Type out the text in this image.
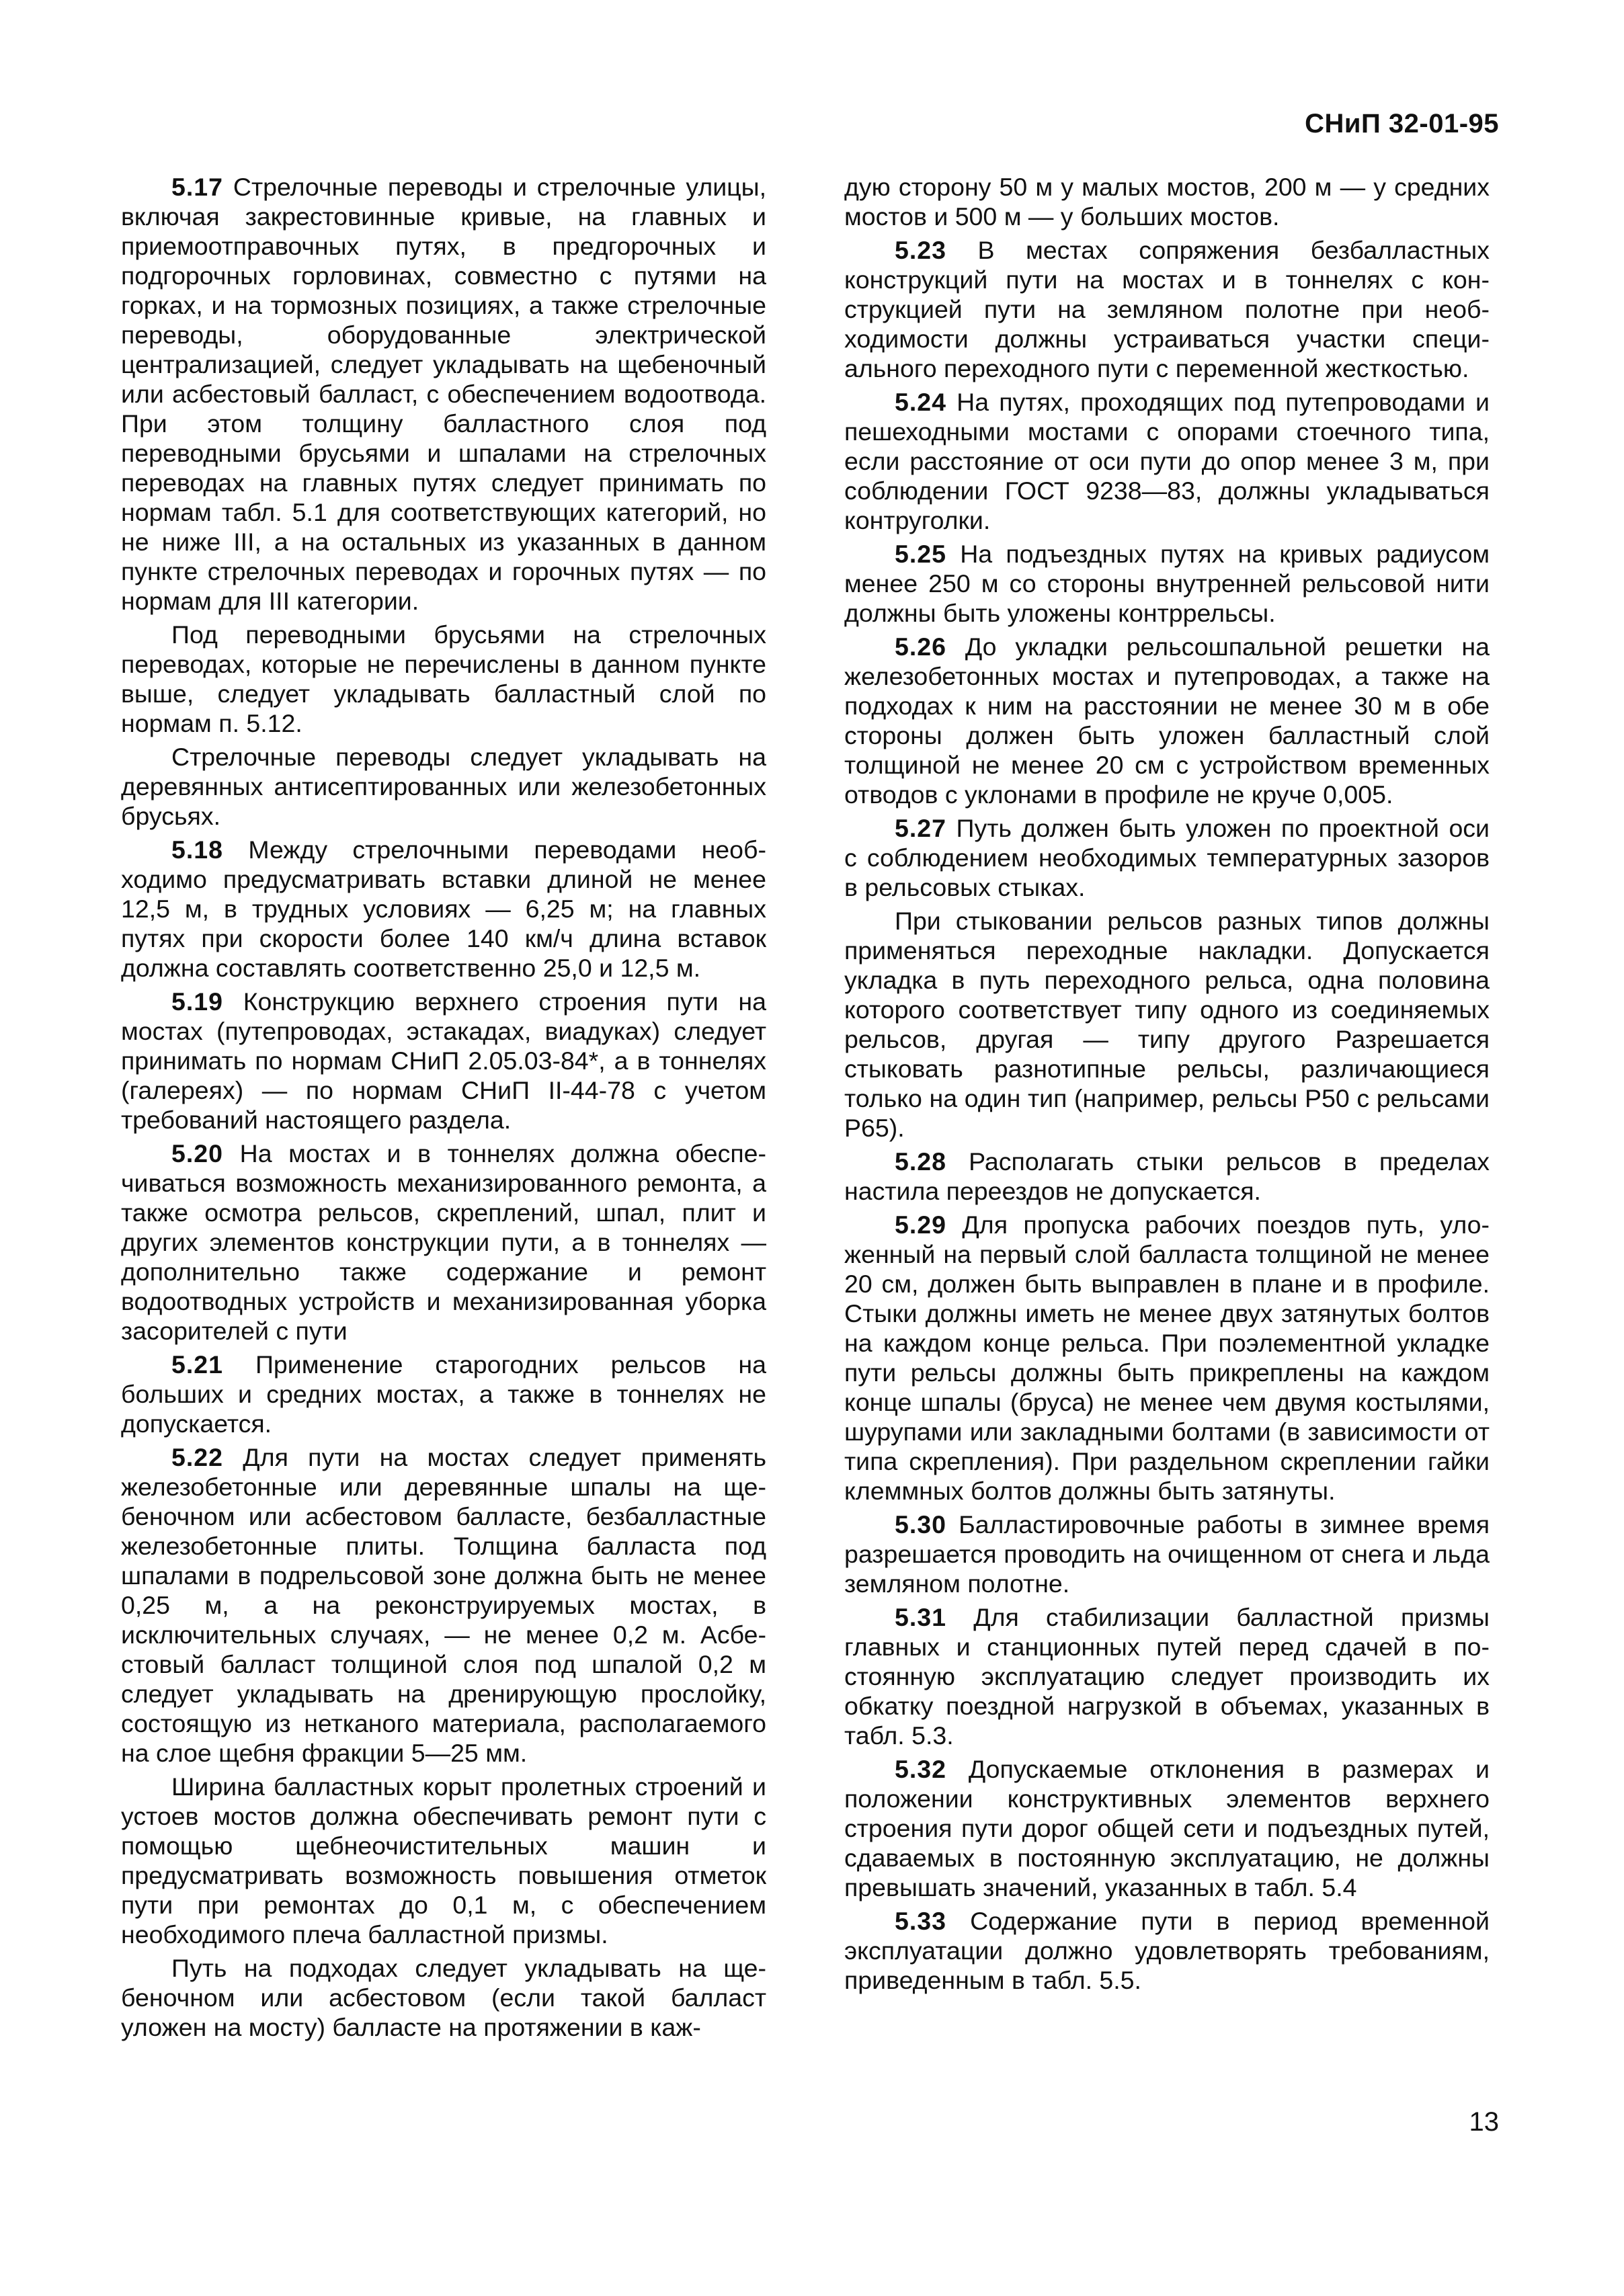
СНиП 32-01-95

5.17 Стрелочные переводы и стрелочные улицы, включая закрестовинные кривые, на главных и приемоотправочных путях, в предгорочных и подгорочных горловинах, совместно с путями на горках, и на тормозных позициях, а также стрелочные переводы, оборудованные электрической централизацией, следует укладывать на щебеночный или асбестовый балласт, с обеспечением водоотвода. При этом толщину балластного слоя под переводными брусьями и шпалами на стрелочных переводах на главных путях следует принимать по нормам табл. 5.1 для соответствующих категорий, но не ниже III, а на остальных из указанных в данном пункте стрелочных переводах и горочных путях — по нормам для III категории.

Под переводными брусьями на стрелочных переводах, которые не перечислены в данном пункте выше, следует укладывать балластный слой по нормам п. 5.12.

Стрелочные переводы следует укладывать на деревянных антисептированных или железобетонных брусьях.

5.18 Между стрелочными переводами необходимо предусматривать вставки длиной не менее 12,5 м, в трудных условиях — 6,25 м; на главных путях при скорости более 140 км/ч длина вставок должна составлять соответственно 25,0 и 12,5 м.

5.19 Конструкцию верхнего строения пути на мостах (путепроводах, эстакадах, виадуках) следует принимать по нормам СНиП 2.05.03-84*, а в тоннелях (галереях) — по нормам СНиП II-44-78 с учетом требований настоящего раздела.

5.20 На мостах и в тоннелях должна обеспечиваться возможность механизированного ремонта, а также осмотра рельсов, скреплений, шпал, плит и других элементов конструкции пути, а в тоннелях — дополнительно также содержание и ремонт водоотводных устройств и механизированная уборка засорителей с пути

5.21 Применение старогодних рельсов на больших и средних мостах, а также в тоннелях не допускается.

5.22 Для пути на мостах следует применять железобетонные или деревянные шпалы на щебеночном или асбестовом балласте, безбалластные железобетонные плиты. Толщина балласта под шпалами в подрельсовой зоне должна быть не менее 0,25 м, а на реконструируемых мостах, в исключительных случаях, — не менее 0,2 м. Асбестовый балласт толщиной слоя под шпалой 0,2 м следует укладывать на дренирующую прослойку, состоящую из нетканого материала, располагаемого на слое щебня фракции 5—25 мм.

Ширина балластных корыт пролетных строений и устоев мостов должна обеспечивать ремонт пути с помощью щебнеочистительных машин и предусматривать возможность повышения отметок пути при ремонтах до 0,1 м, с обеспечением необходимого плеча балластной призмы.

Путь на подходах следует укладывать на щебеночном или асбестовом (если такой балласт уложен на мосту) балласте на протяжении в каж-

дую сторону 50 м у малых мостов, 200 м — у средних мостов и 500 м — у больших мостов.

5.23 В местах сопряжения безбалластных конструкций пути на мостах и в тоннелях с конструкцией пути на земляном полотне при необходимости должны устраиваться участки специального переходного пути с переменной жесткостью.

5.24 На путях, проходящих под путепроводами и пешеходными мостами с опорами стоечного типа, если расстояние от оси пути до опор менее 3 м, при соблюдении ГОСТ 9238—83, должны укладываться контруголки.

5.25 На подъездных путях на кривых радиусом менее 250 м со стороны внутренней рельсовой нити должны быть уложены контррельсы.

5.26 До укладки рельсошпальной решетки на железобетонных мостах и путепроводах, а также на подходах к ним на расстоянии не менее 30 м в обе стороны должен быть уложен балластный слой толщиной не менее 20 см с устройством временных отводов с уклонами в профиле не круче 0,005.

5.27 Путь должен быть уложен по проектной оси с соблюдением необходимых температурных зазоров в рельсовых стыках.

При стыковании рельсов разных типов должны применяться переходные накладки. Допускается укладка в путь переходного рельса, одна половина которого соответствует типу одного из соединяемых рельсов, другая — типу другого Разрешается стыковать разнотипные рельсы, различающиеся только на один тип (например, рельсы Р50 с рельсами Р65).

5.28 Располагать стыки рельсов в пределах настила переездов не допускается.

5.29 Для пропуска рабочих поездов путь, уложенный на первый слой балласта толщиной не менее 20 см, должен быть выправлен в плане и в профиле. Стыки должны иметь не менее двух затянутых болтов на каждом конце рельса. При поэлементной укладке пути рельсы должны быть прикреплены на каждом конце шпалы (бруса) не менее чем двумя костылями, шурупами или закладными болтами (в зависимости от типа скрепления). При раздельном скреплении гайки клеммных болтов должны быть затянуты.

5.30 Балластировочные работы в зимнее время разрешается проводить на очищенном от снега и льда земляном полотне.

5.31 Для стабилизации балластной призмы главных и станционных путей перед сдачей в постоянную эксплуатацию следует производить их обкатку поездной нагрузкой в объемах, указанных в табл. 5.3.

5.32 Допускаемые отклонения в размерах и положении конструктивных элементов верхнего строения пути дорог общей сети и подъездных путей, сдаваемых в постоянную эксплуатацию, не должны превышать значений, указанных в табл. 5.4

5.33 Содержание пути в период временной эксплуатации должно удовлетворять требованиям, приведенным в табл. 5.5.

13
